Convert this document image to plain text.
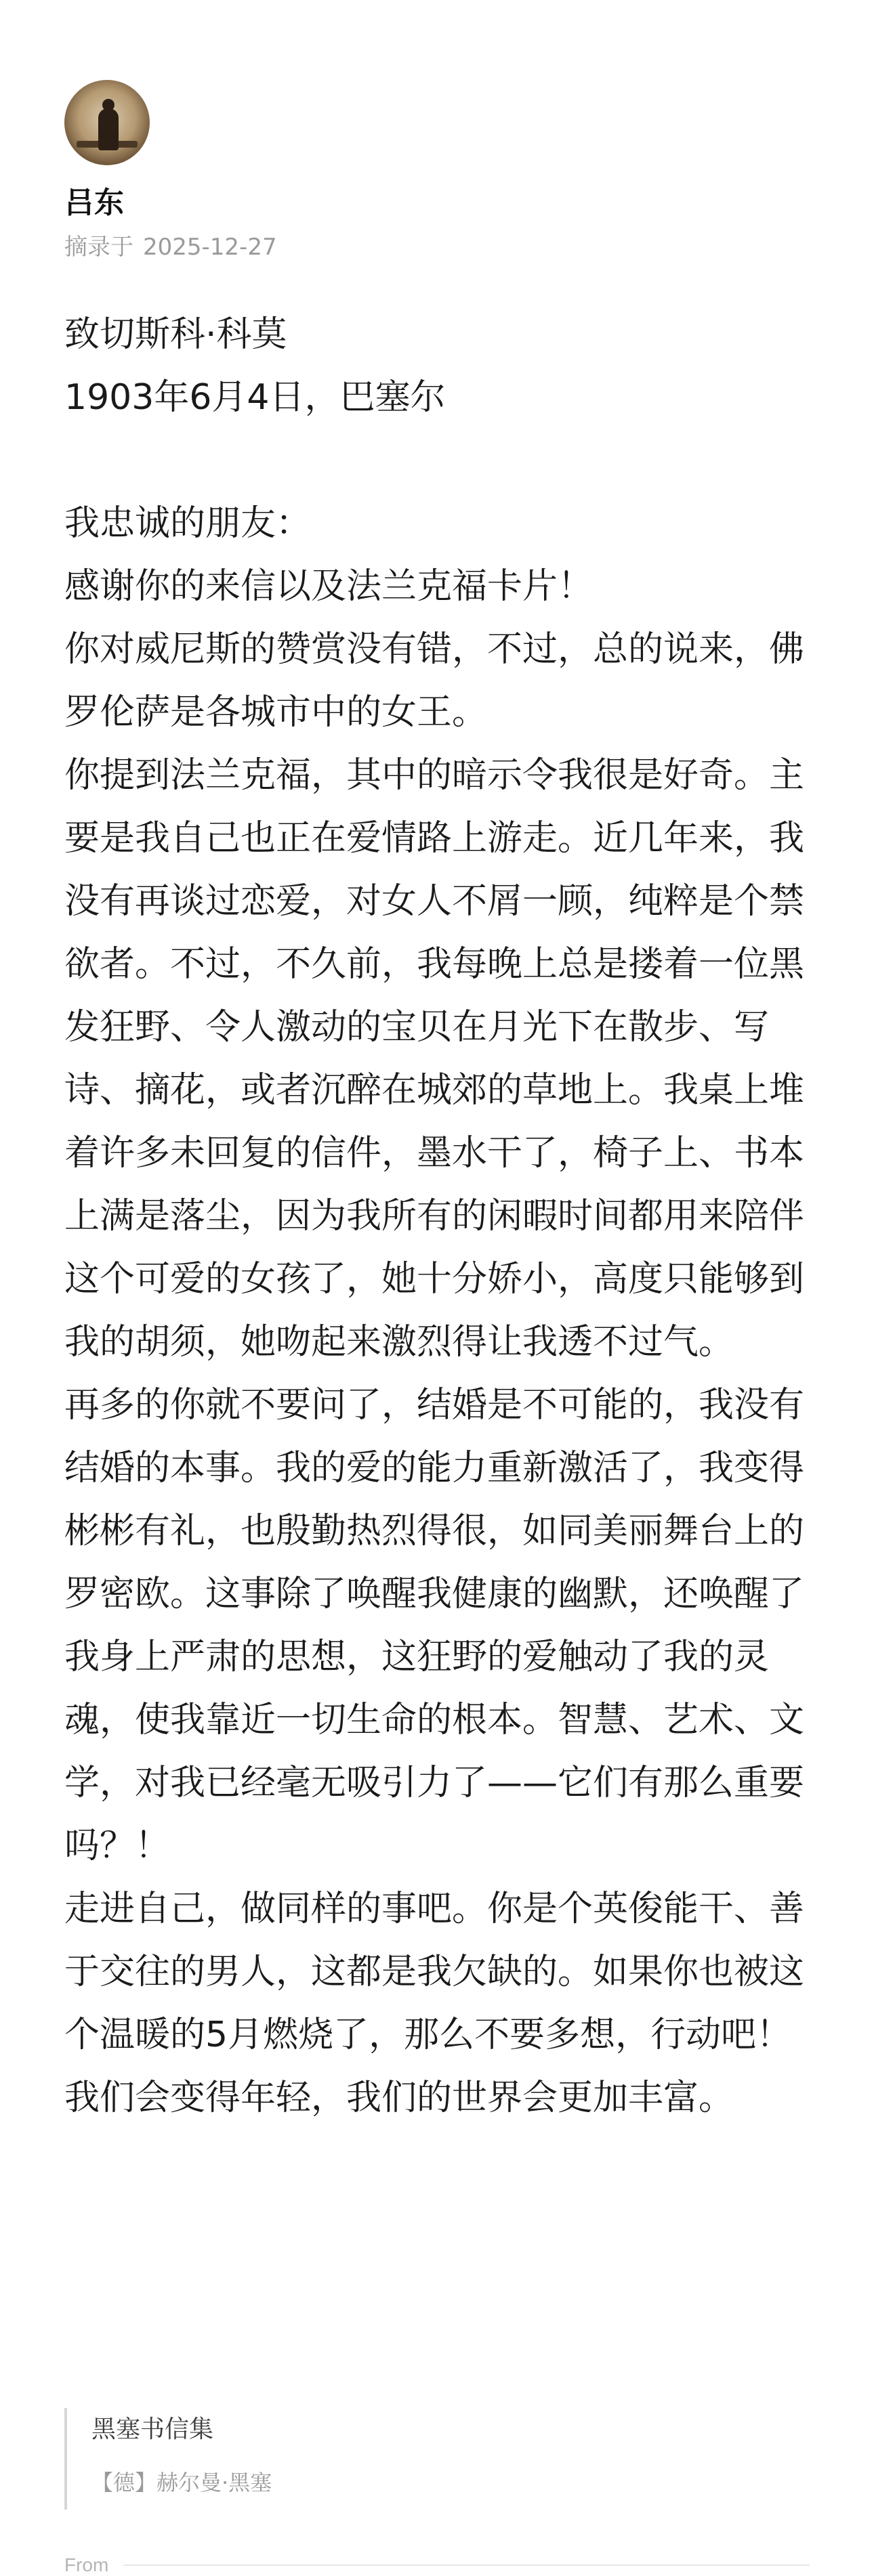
吕东
摘录于 2025-12-27

致切斯科·科莫

1903年6月4日，巴塞尔

我忠诚的朋友：

感谢你的来信以及法兰克福卡片！

你对威尼斯的赞赏没有错，不过，总的说来，佛罗伦萨是各城市中的女王。

你提到法兰克福，其中的暗示令我很是好奇。主要是我自己也正在爱情路上游走。近几年来，我没有再谈过恋爱，对女人不屑一顾，纯粹是个禁欲者。不过，不久前，我每晚上总是搂着一位黑发狂野、令人激动的宝贝在月光下在散步、写诗、摘花，或者沉醉在城郊的草地上。我桌上堆着许多未回复的信件，墨水干了，椅子上、书本上满是落尘，因为我所有的闲暇时间都用来陪伴这个可爱的女孩了，她十分娇小，高度只能够到我的胡须，她吻起来激烈得让我透不过气。

再多的你就不要问了，结婚是不可能的，我没有结婚的本事。我的爱的能力重新激活了，我变得彬彬有礼，也殷勤热烈得很，如同美丽舞台上的罗密欧。这事除了唤醒我健康的幽默，还唤醒了我身上严肃的思想，这狂野的爱触动了我的灵魂，使我靠近一切生命的根本。智慧、艺术、文学，对我已经毫无吸引力了——它们有那么重要吗？！

走进自己，做同样的事吧。你是个英俊能干、善于交往的男人，这都是我欠缺的。如果你也被这个温暖的5月燃烧了，那么不要多想，行动吧！我们会变得年轻，我们的世界会更加丰富。

黑塞书信集
【德】赫尔曼·黑塞
From
